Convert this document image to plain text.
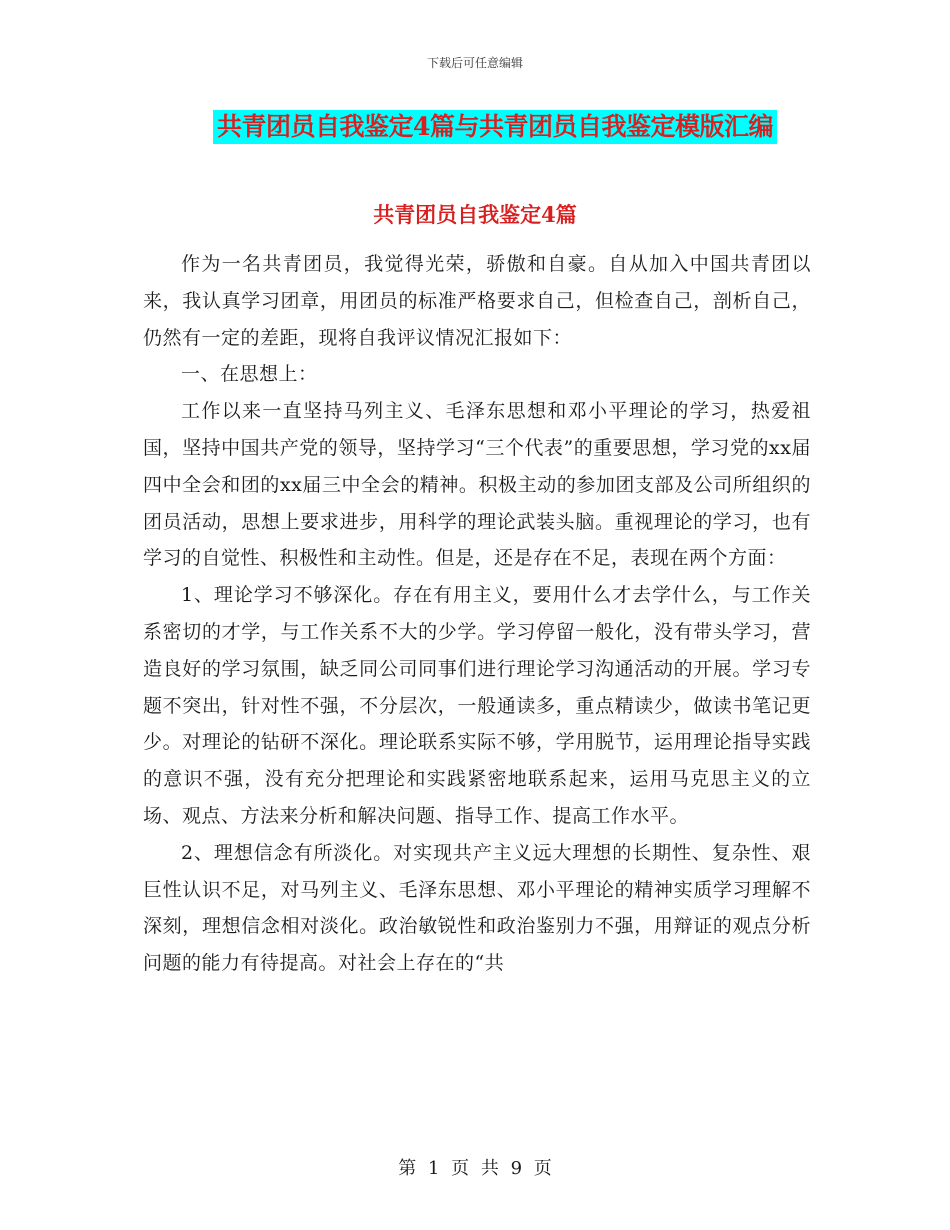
下载后可任意编辑
共青团员自我鉴定4篇与共青团员自我鉴定模版汇编
共青团员自我鉴定4篇

作为一名共青团员，我觉得光荣，骄傲和自豪。自从加入中国共青团以来，我认真学习团章，用团员的标准严格要求自己，但检查自己，剖析自己，仍然有一定的差距，现将自我评议情况汇报如下：

一、在思想上：

工作以来一直坚持马列主义、毛泽东思想和邓小平理论的学习，热爱祖国，坚持中国共产党的领导，坚持学习“三个代表”的重要思想，学习党的xx届四中全会和团的xx届三中全会的精神。积极主动的参加团支部及公司所组织的团员活动，思想上要求进步，用科学的理论武装头脑。重视理论的学习，也有学习的自觉性、积极性和主动性。但是，还是存在不足，表现在两个方面：

1、理论学习不够深化。存在有用主义，要用什么才去学什么，与工作关系密切的才学，与工作关系不大的少学。学习停留一般化，没有带头学习，营造良好的学习氛围，缺乏同公司同事们进行理论学习沟通活动的开展。学习专题不突出，针对性不强，不分层次，一般通读多，重点精读少，做读书笔记更少。对理论的钻研不深化。理论联系实际不够，学用脱节，运用理论指导实践的意识不强，没有充分把理论和实践紧密地联系起来，运用马克思主义的立场、观点、方法来分析和解决问题、指导工作、提高工作水平。

2、理想信念有所淡化。对实现共产主义远大理想的长期性、复杂性、艰巨性认识不足，对马列主义、毛泽东思想、邓小平理论的精神实质学习理解不深刻，理想信念相对淡化。政治敏锐性和政治鉴别力不强，用辩证的观点分析问题的能力有待提高。对社会上存在的“共

第 1 页 共 9 页
